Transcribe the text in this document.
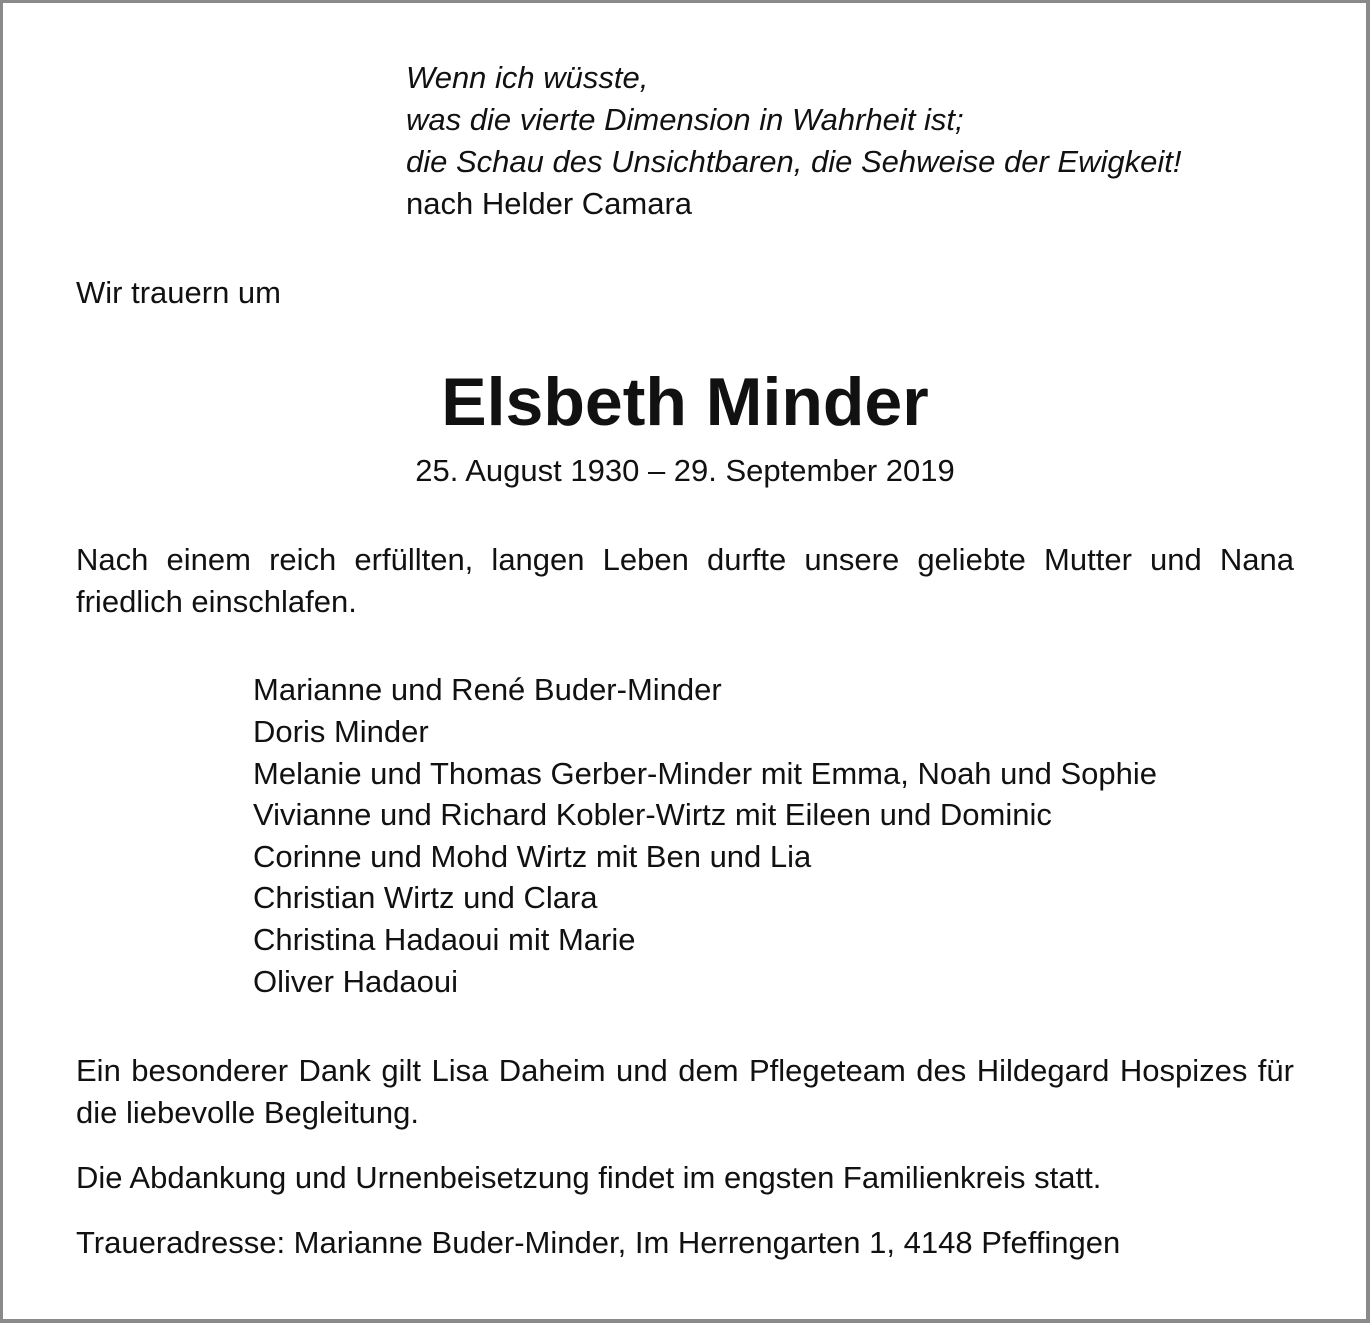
Wenn ich wüsste,

was die vierte Dimension in Wahrheit ist;

die Schau des Unsichtbaren, die Sehweise der Ewigkeit!

nach Helder Camara

Wir trauern um

Elsbeth Minder

25. August 1930 – 29. September 2019

Nach einem reich erfüllten, langen Leben durfte unsere geliebte Mutter und Nana friedlich einschlafen.

Marianne und René Buder-Minder

Doris Minder

Melanie und Thomas Gerber-Minder mit Emma, Noah und Sophie

Vivianne und Richard Kobler-Wirtz mit Eileen und Dominic

Corinne und Mohd Wirtz mit Ben und Lia

Christian Wirtz und Clara

Christina Hadaoui mit Marie

Oliver Hadaoui

Ein besonderer Dank gilt Lisa Daheim und dem Pflegeteam des Hildegard Hospizes für die liebevolle Begleitung.

Die Abdankung und Urnenbeisetzung findet im engsten Familienkreis statt.

Traueradresse: Marianne Buder-Minder, Im Herrengarten 1, 4148 Pfeffingen
